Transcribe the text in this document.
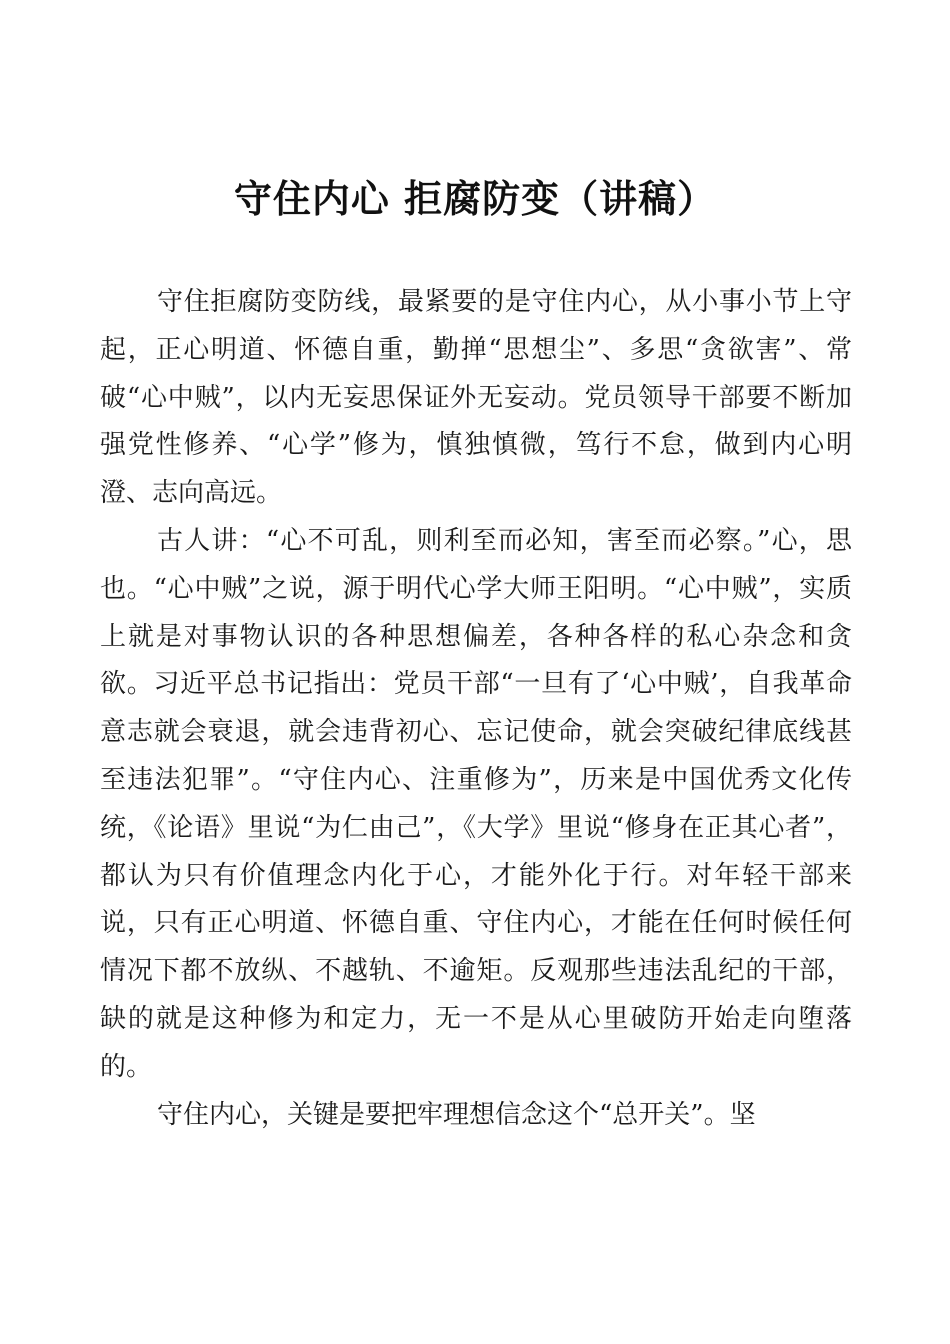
守住内心 拒腐防变（讲稿）

守住拒腐防变防线，最紧要的是守住内心，从小事小节上守起，正心明道、怀德自重，勤掸“思想尘”、多思“贪欲害”、常破“心中贼”，以内无妄思保证外无妄动。党员领导干部要不断加强党性修养、“心学”修为，慎独慎微，笃行不怠，做到内心明澄、志向高远。

古人讲：“心不可乱，则利至而必知，害至而必察。”心，思也。“心中贼”之说，源于明代心学大师王阳明。“心中贼”，实质上就是对事物认识的各种思想偏差，各种各样的私心杂念和贪欲。习近平总书记指出：党员干部“一旦有了‘心中贼’，自我革命意志就会衰退，就会违背初心、忘记使命，就会突破纪律底线甚至违法犯罪”。“守住内心、注重修为”，历来是中国优秀文化传统，《论语》里说“为仁由己”，《大学》里说“修身在正其心者”，都认为只有价值理念内化于心，才能外化于行。对年轻干部来说，只有正心明道、怀德自重、守住内心，才能在任何时候任何情况下都不放纵、不越轨、不逾矩。反观那些违法乱纪的干部，缺的就是这种修为和定力，无一不是从心里破防开始走向堕落的。

守住内心，关键是要把牢理想信念这个“总开关”。坚
